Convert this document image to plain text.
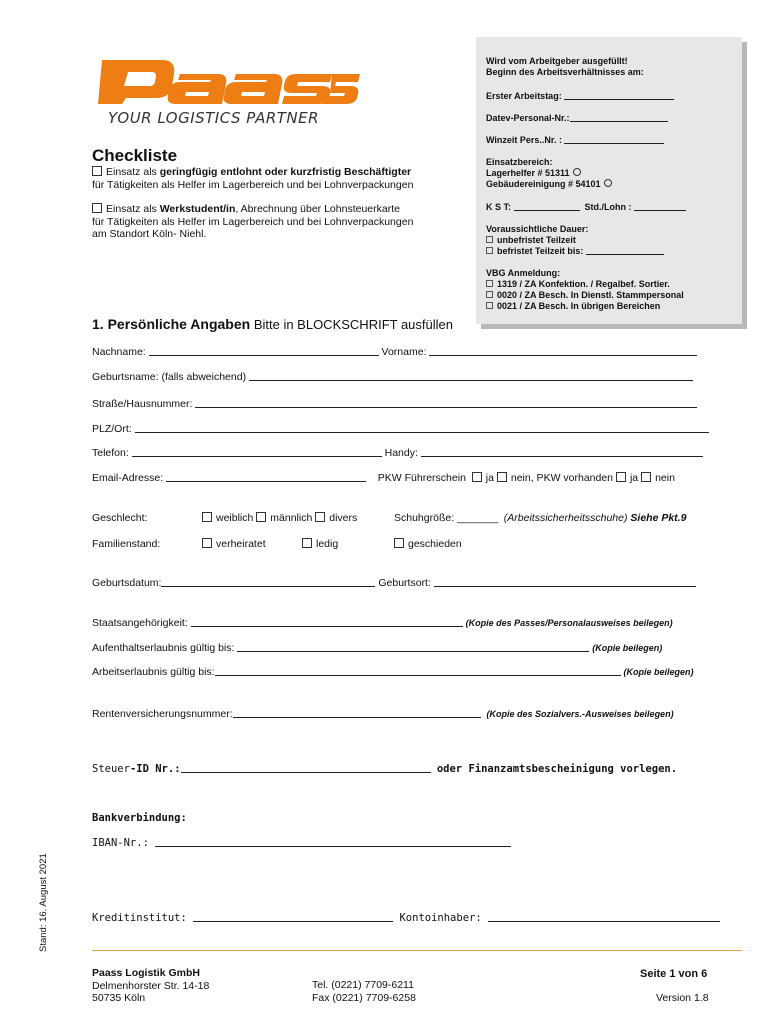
YOUR LOGISTICS PARTNER
Checkliste
Einsatz als geringfügig entlohnt oder kurzfristig Beschäftigter
für Tätigkeiten als Helfer im Lagerbereich und bei Lohnverpackungen
Einsatz als Werkstudent/in, Abrechnung über Lohnsteuerkarte
für Tätigkeiten als Helfer im Lagerbereich und bei Lohnverpackungen
am Standort Köln- Niehl.
Wird vom Arbeitgeber ausgefüllt!
Beginn des Arbeitsverhältnisses am:
Erster Arbeitstag:
Datev-Personal-Nr.:
Winzeit Pers..Nr. :
Einsatzbereich:
Lagerhelfer # 51311
Gebäudereinigung # 54101
K S T:	Std./Lohn :
Voraussichtliche Dauer:
unbefristet Teilzeit
befristet Teilzeit bis:
VBG Anmeldung:
1319 / ZA Konfektion. / Regalbef. Sortier.
0020 / ZA Besch. In Dienstl. Stammpersonal
0021 / ZA Besch. In übrigen Bereichen
1. Persönliche Angaben Bitte in BLOCKSCHRIFT ausfüllen
Nachname:	Vorname:
Geburtsname: (falls abweichend)
Straße/Hausnummer:
PLZ/Ort:
Telefon:	Handy:
Email-Adresse:	PKW Führerschein ja nein, PKW vorhanden ja nein
Geschlecht:	weiblich männlich divers	Schuhgröße: _______ (Arbeitssicherheitsschuhe) Siehe Pkt.9
Familienstand:	verheiratet	ledig	geschieden
Geburtsdatum:	Geburtsort:
Staatsangehörigkeit:	(Kopie des Passes/Personalausweises beilegen)
Aufenthaltserlaubnis gültig bis:	(Kopie beilegen)
Arbeitserlaubnis gültig bis:	(Kopie beilegen)
Rentenversicherungsnummer:	(Kopie des Sozialvers.-Ausweises beilegen)
Steuer-ID Nr.:	oder Finanzamtsbescheinigung vorlegen.
Bankverbindung:
IBAN-Nr.:
Kreditinstitut:	Kontoinhaber:
Stand: 16. August 2021
Paass Logistik GmbH
Delmenhorster Str. 14-18
50735 Köln
Tel. (0221) 7709-6211
Fax (0221) 7709-6258
Seite 1 von 6
Version 1.8
